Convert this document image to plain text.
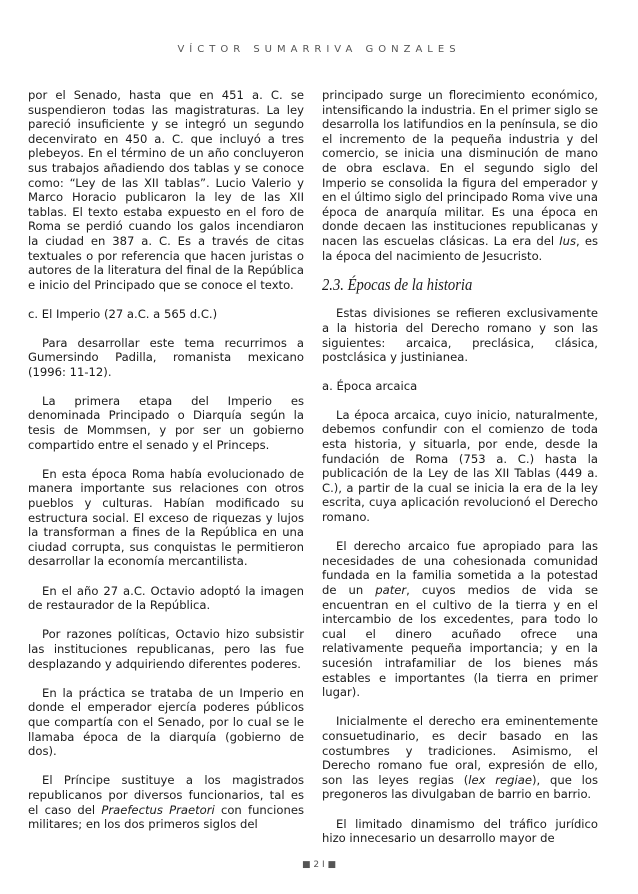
VÍCTOR SUMARRIVA GONZALES

por el Senado, hasta que en 451 a. C. se suspendieron todas las magistraturas. La ley pareció insuficiente y se integró un segundo decenvirato en 450 a. C. que incluyó a tres plebeyos. En el término de un año concluyeron sus trabajos añadiendo dos tablas y se conoce como: “Ley de las XII tablas”. Lucio Valerio y Marco Horacio publicaron la ley de las XII tablas. El texto estaba expuesto en el foro de Roma se perdió cuando los galos incendiaron la ciudad en 387 a. C. Es a través de citas textuales o por referencia que hacen juristas o autores de la literatura del final de la República e inicio del Principado que se conoce el texto.

c. El Imperio (27 a.C. a 565 d.C.)

Para desarrollar este tema recurrimos a Gumersindo Padilla, romanista mexicano (1996: 11-12).

La primera etapa del Imperio es denominada Principado o Diarquía según la tesis de Mommsen, y por ser un gobierno compartido entre el senado y el Princeps.

En esta época Roma había evolucionado de manera importante sus relaciones con otros pueblos y culturas. Habían modificado su estructura social. El exceso de riquezas y lujos la transforman a fines de la República en una ciudad corrupta, sus conquistas le permitieron desarrollar la economía mercantilista.

En el año 27 a.C. Octavio adoptó la imagen de restaurador de la República.

Por razones políticas, Octavio hizo subsistir las instituciones republicanas, pero las fue desplazando y adquiriendo diferentes poderes.

En la práctica se trataba de un Imperio en donde el emperador ejercía poderes públicos que compartía con el Senado, por lo cual se le llamaba época de la diarquía (gobierno de dos).

El Príncipe sustituye a los magistrados republicanos por diversos funcionarios, tal es el caso del Praefectus Praetori con funciones militares; en los dos primeros siglos del

principado surge un florecimiento económico, intensificando la industria. En el primer siglo se desarrolla los latifundios en la península, se dio el incremento de la pequeña industria y del comercio, se inicia una disminución de mano de obra esclava. En el segundo siglo del Imperio se consolida la figura del emperador y en el último siglo del principado Roma vive una época de anarquía militar. Es una época en donde decaen las instituciones republicanas y nacen las escuelas clásicas. La era del Ius, es la época del nacimiento de Jesucristo.

2.3. Épocas de la historia

Estas divisiones se refieren exclusivamente a la historia del Derecho romano y son las siguientes: arcaica, preclásica, clásica, postclásica y justinianea.

a. Época arcaica

La época arcaica, cuyo inicio, naturalmente, debemos confundir con el comienzo de toda esta historia, y situarla, por ende, desde la fundación de Roma (753 a. C.) hasta la publicación de la Ley de las XII Tablas (449 a. C.), a partir de la cual se inicia la era de la ley escrita, cuya aplicación revolucionó el Derecho romano.

El derecho arcaico fue apropiado para las necesidades de una cohesionada comunidad fundada en la familia sometida a la potestad de un pater, cuyos medios de vida se encuentran en el cultivo de la tierra y en el intercambio de los excedentes, para todo lo cual el dinero acuñado ofrece una relativamente pequeña importancia; y en la sucesión intrafamiliar de los bienes más estables e importantes (la tierra en primer lugar).

Inicialmente el derecho era eminentemente consuetudinario, es decir basado en las costumbres y tradiciones. Asimismo, el Derecho romano fue oral, expresión de ello, son las leyes regias (lex regiae), que los pregoneros las divulgaban de barrio en barrio.

El limitado dinamismo del tráfico jurídico hizo innecesario un desarrollo mayor de

■ 2 I ■
